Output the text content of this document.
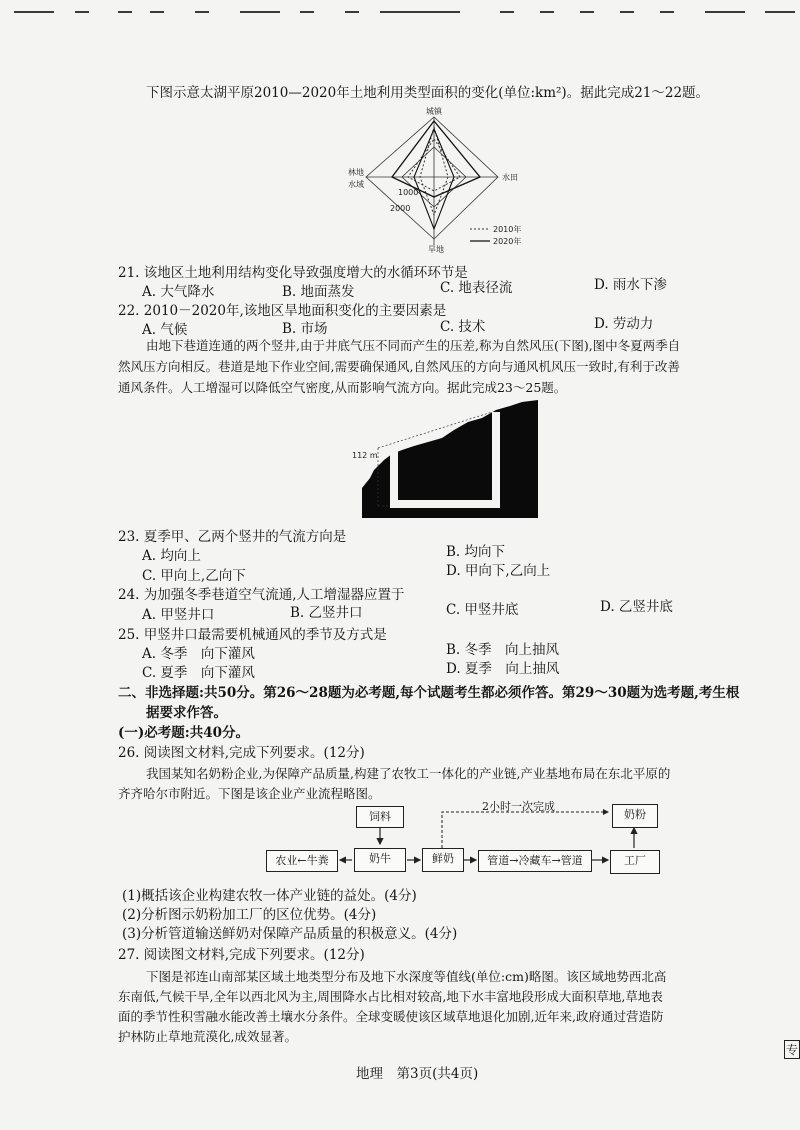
下图示意太湖平原2010—2020年土地利用类型面积的变化(单位:km²)。据此完成21～22题。
城镇
林地
水域
水田
旱地
1000
2000
2010年
2020年
21. 该地区土地利用结构变化导致强度增大的水循环环节是
A. 大气降水	B. 地面蒸发	C. 地表径流	D. 雨水下渗
22. 2010－2020年,该地区旱地面积变化的主要因素是
A. 气候	B. 市场	C. 技术	D. 劳动力
由地下巷道连通的两个竖井,由于井底气压不同而产生的压差,称为自然风压(下图),图中冬夏两季自
然风压方向相反。巷道是地下作业空间,需要确保通风,自然风压的方向与通风机风压一致时,有利于改善
通风条件。人工增湿可以降低空气密度,从而影响气流方向。据此完成23～25题。
112 m
23. 夏季甲、乙两个竖井的气流方向是
A. 均向上	B. 均向下
C. 甲向上,乙向下	D. 甲向下,乙向上
24. 为加强冬季巷道空气流通,人工增湿器应置于
A. 甲竖井口	B. 乙竖井口	C. 甲竖井底	D. 乙竖井底
25. 甲竖井口最需要机械通风的季节及方式是
A. 冬季　向下灌风	B. 冬季　向上抽风
C. 夏季　向下灌风	D. 夏季　向上抽风
二、非选择题:共50分。第26～28题为必考题,每个试题考生都必须作答。第29～30题为选考题,考生根
据要求作答。
(一)必考题:共40分。
26. 阅读图文材料,完成下列要求。(12分)
我国某知名奶粉企业,为保障产品质量,构建了农牧工一体化的产业链,产业基地布局在东北平原的
齐齐哈尔市附近。下图是该企业产业流程略图。
饲料
农业←牛粪	奶牛	鲜奶	管道→冷藏车→管道	工厂
奶粉
2小时一次完成
(1)概括该企业构建农牧一体产业链的益处。(4分)
(2)分析图示奶粉加工厂的区位优势。(4分)
(3)分析管道输送鲜奶对保障产品质量的积极意义。(4分)
27. 阅读图文材料,完成下列要求。(12分)
下图是祁连山南部某区域土地类型分布及地下水深度等值线(单位:cm)略图。该区域地势西北高
东南低,气候干旱,全年以西北风为主,周围降水占比相对较高,地下水丰富地段形成大面积草地,草地表
面的季节性积雪融水能改善土壤水分条件。全球变暖使该区域草地退化加剧,近年来,政府通过营造防
护林防止草地荒漠化,成效显著。
地理　第3页(共4页)
专
